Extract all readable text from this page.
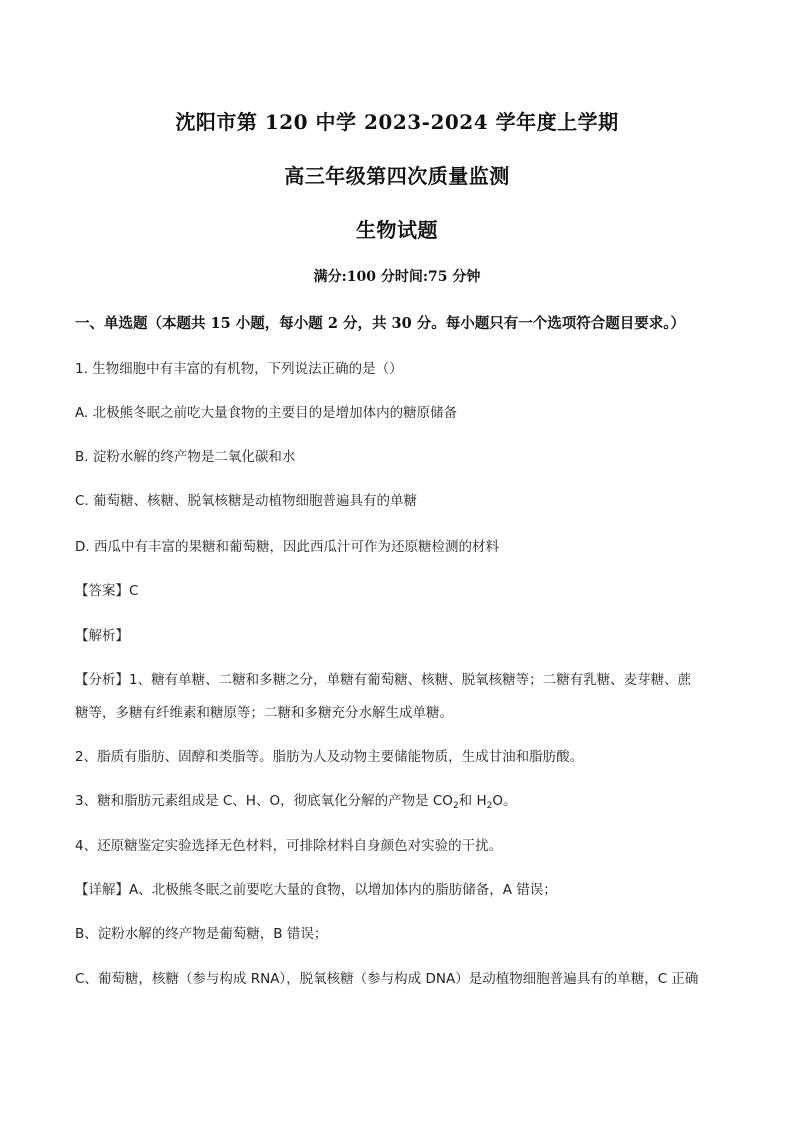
沈阳市第 120 中学 2023-2024 学年度上学期
高三年级第四次质量监测
生物试题
满分:100 分时间:75 分钟
一、单选题（本题共 15 小题，每小题 2 分，共 30 分。每小题只有一个选项符合题目要求。）
1. 生物细胞中有丰富的有机物，下列说法正确的是（）
A. 北极熊冬眠之前吃大量食物的主要目的是增加体内的糖原储备
B. 淀粉水解的终产物是二氧化碳和水
C. 葡萄糖、核糖、脱氧核糖是动植物细胞普遍具有的单糖
D. 西瓜中有丰富的果糖和葡萄糖，因此西瓜汁可作为还原糖检测的材料
【答案】C
【解析】
【分析】1、糖有单糖、二糖和多糖之分，单糖有葡萄糖、核糖、脱氧核糖等；二糖有乳糖、麦芽糖、蔗
糖等，多糖有纤维素和糖原等；二糖和多糖充分水解生成单糖。
2、脂质有脂肪、固醇和类脂等。脂肪为人及动物主要储能物质，生成甘油和脂肪酸。
3、糖和脂肪元素组成是 C、H、O，彻底氧化分解的产物是 $CO_2$和 $H_2O$。
4、还原糖鉴定实验选择无色材料，可排除材料自身颜色对实验的干扰。
【详解】A、北极熊冬眠之前要吃大量的食物，以增加体内的脂肪储备，A 错误；
B、淀粉水解的终产物是葡萄糖，B 错误；
C、葡萄糖，核糖（参与构成 RNA），脱氧核糖（参与构成 DNA）是动植物细胞普遍具有的单糖，C 正确
